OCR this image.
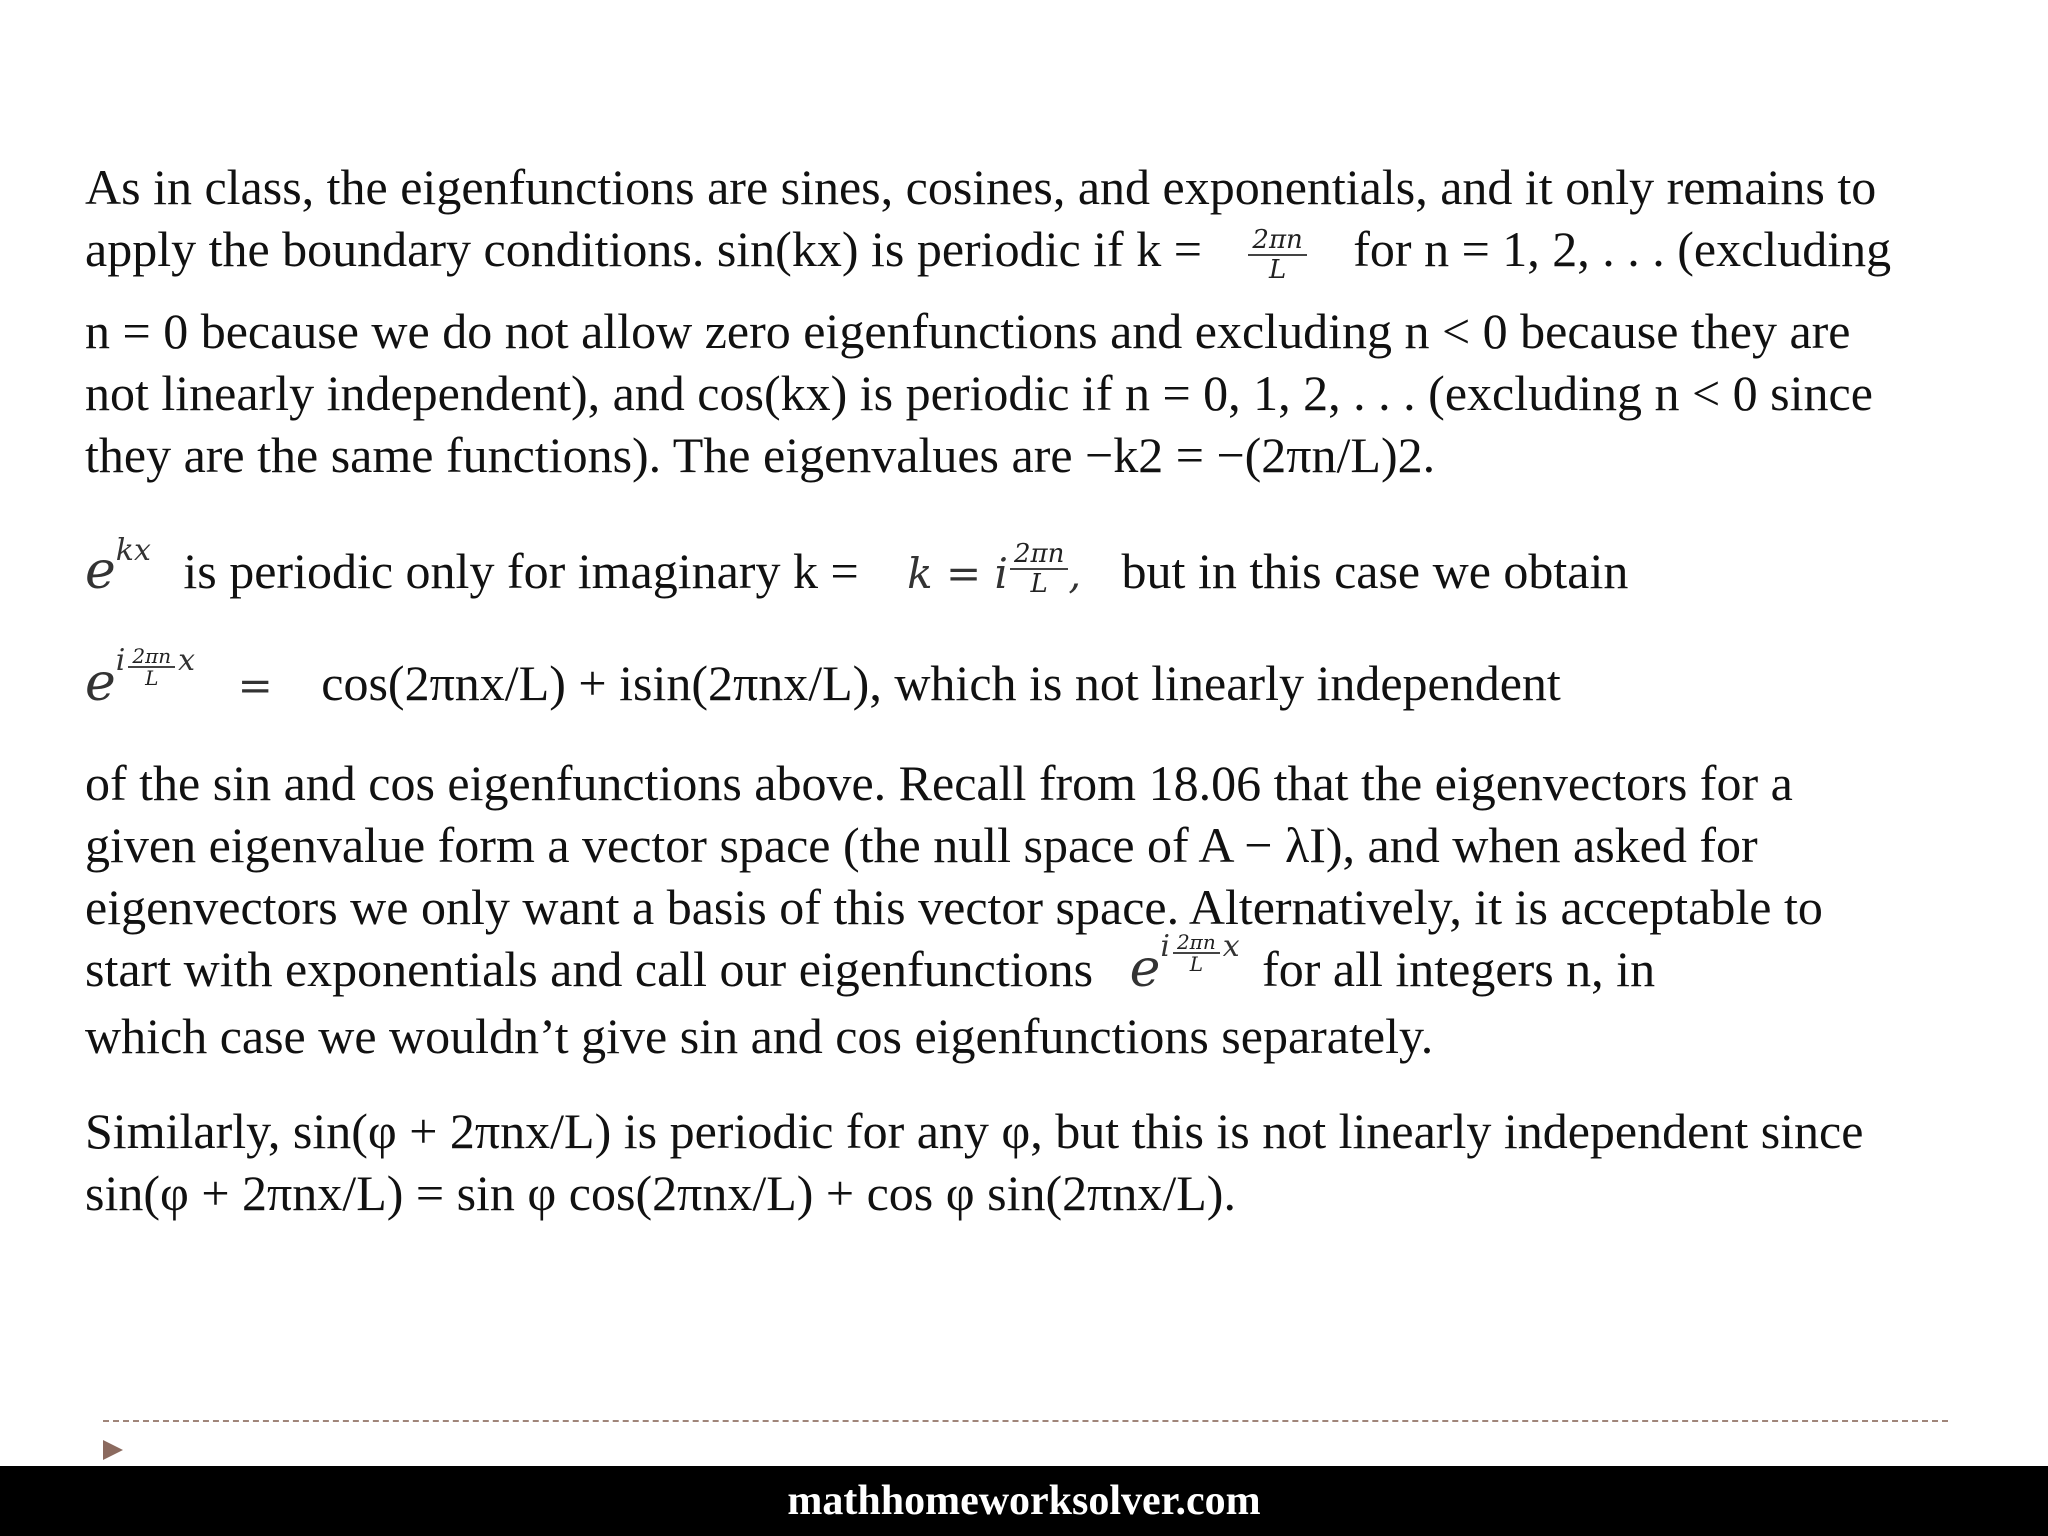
As in class, the eigenfunctions are sines, cosines, and exponentials, and it only remains to
apply the boundary conditions. sin(kx) is periodic if $k = \frac{2\pi n}{L}$ for n = 1, 2, . . . (excluding
n = 0 because we do not allow zero eigenfunctions and excluding n < 0 because they are
not linearly independent), and cos(kx) is periodic if n = 0, 1, 2, . . . (excluding n < 0 since
they are the same functions). The eigenvalues are −k2 = −(2πn/L)2.
ekx is periodic only for imaginary k = k = i $\frac{2\pi n}{L}$ , but in this case we obtain
ei $\frac{2\pi n}{L}$ x = cos(2πnx/L) + isin(2πnx/L), which is not linearly independent
of the sin and cos eigenfunctions above. Recall from 18.06 that the eigenvectors for a
given eigenvalue form a vector space (the null space of A − λI), and when asked for
eigenvectors we only want a basis of this vector space. Alternatively, it is acceptable to
start with exponentials and call our eigenfunctions ei $\frac{2\pi n}{L}$ x for all integers n, in
which case we wouldn’t give sin and cos eigenfunctions separately.
Similarly, sin(φ + 2πnx/L) is periodic for any φ, but this is not linearly independent since
sin(φ + 2πnx/L) = sin φ cos(2πnx/L) + cos φ sin(2πnx/L).
mathhomeworksolver.com
